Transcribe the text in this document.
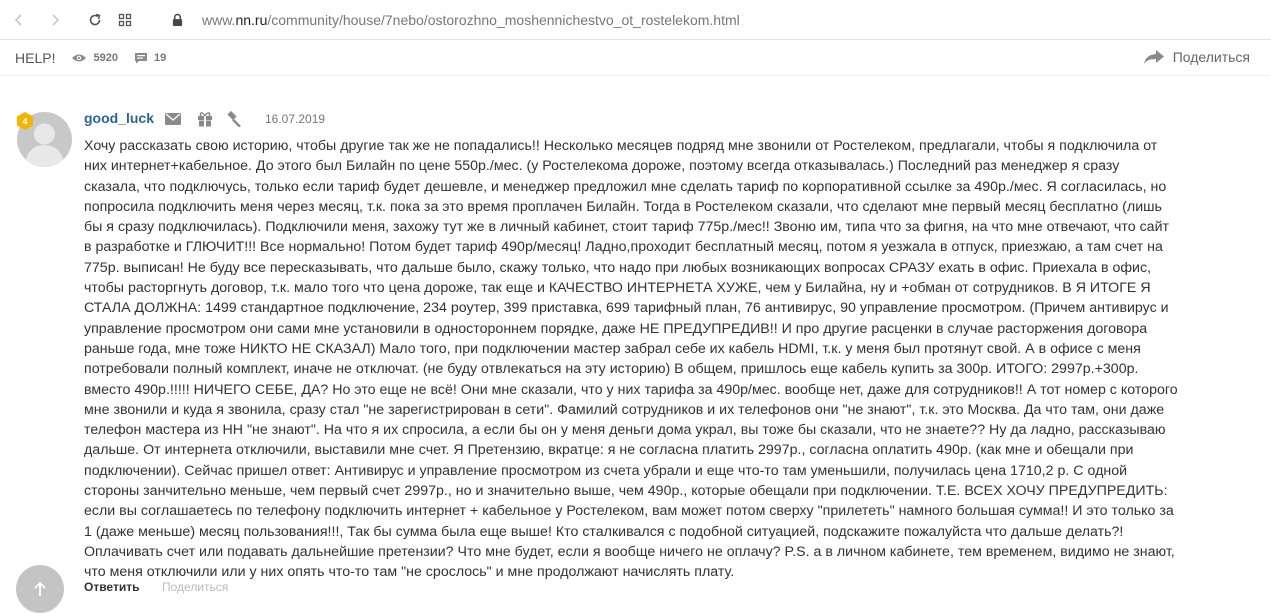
www.nn.ru/community/house/7nebo/ostorozhno_moshennichestvo_ot_rostelekom.html
HELP!	5920	19	Поделиться
4	good_luck	16.07.2019
Хочу рассказать свою историю, чтобы другие так же не попадались!! Несколько месяцев подряд мне звонили от Ростелеком, предлагали, чтобы я подключила от
них интернет+кабельное. До этого был Билайн по цене 550р./мес. (у Ростелекома дороже, поэтому всегда отказывалась.) Последний раз менеджер я сразу
сказала, что подключусь, только если тариф будет дешевле, и менеджер предложил мне сделать тариф по корпоративной ссылке за 490р./мес. Я согласилась, но
попросила подключить меня через месяц, т.к. пока за это время проплачен Билайн. Тогда в Ростелеком сказали, что сделают мне первый месяц бесплатно (лишь
бы я сразу подключилась). Подключили меня, захожу тут же в личный кабинет, стоит тариф 775р./мес!! Звоню им, типа что за фигня, на что мне отвечают, что сайт
в разработке и ГЛЮЧИТ!!! Все нормально! Потом будет тариф 490р/месяц! Ладно,проходит бесплатный месяц, потом я уезжала в отпуск, приезжаю, а там счет на
775р. выписан! Не буду все пересказывать, что дальше было, скажу только, что надо при любых возникающих вопросах СРАЗУ ехать в офис. Приехала в офис,
чтобы расторгнуть договор, т.к. мало того что цена дороже, так еще и КАЧЕСТВО ИНТЕРНЕТА ХУЖЕ, чем у Билайна, ну и +обман от сотрудников. В Я ИТОГЕ Я
СТАЛА ДОЛЖНА: 1499 стандартное подключение, 234 роутер, 399 приставка, 699 тарифный план, 76 антивирус, 90 управление просмотром. (Причем антивирус и
управление просмотром они сами мне установили в одностороннем порядке, даже НЕ ПРЕДУПРЕДИВ!! И про другие расценки в случае расторжения договора
раньше года, мне тоже НИКТО НЕ СКАЗАЛ) Мало того, при подключении мастер забрал себе их кабель HDMI, т.к. у меня был протянут свой. А в офисе с меня
потребовали полный комплект, иначе не отключат. (не буду отвлекаться на эту историю) В общем, пришлось еще кабель купить за 300р. ИТОГО: 2997р.+300р.
вместо 490р.!!!!! НИЧЕГО СЕБЕ, ДА? Но это еще не всё! Они мне сказали, что у них тарифа за 490р/мес. вообще нет, даже для сотрудников!! А тот номер с которого
мне звонили и куда я звонила, сразу стал "не зарегистрирован в сети". Фамилий сотрудников и их телефонов они "не знают", т.к. это Москва. Да что там, они даже
телефон мастера из НН "не знают". На что я их спросила, а если бы он у меня деньги дома украл, вы тоже бы сказали, что не знаете?? Ну да ладно, рассказываю
дальше. От интернета отключили, выставили мне счет. Я Претензию, вкратце: я не согласна платить 2997р., согласна оплатить 490р. (как мне и обещали при
подключении). Сейчас пришел ответ: Антивирус и управление просмотром из счета убрали и еще что-то там уменьшили, получилась цена 1710,2 р. С одной
стороны занчительно меньше, чем первый счет 2997р., но и значительно выше, чем 490р., которые обещали при подключении. Т.Е. ВСЕХ ХОЧУ ПРЕДУПРЕДИТЬ:
если вы соглашаетесь по телефону подключить интернет + кабельное у Ростелеком, вам может потом сверху "прилететь" намного большая сумма!! И это только за
1 (даже меньше) месяц пользования!!!, Так бы сумма была еще выше! Кто сталкивался с подобной ситуацией, подскажите пожалуйста что дальше делать?!
Оплачивать счет или подавать дальнейшие претензии? Что мне будет, если я вообще ничего не оплачу? P.S. а в личном кабинете, тем временем, видимо не знают,
что меня отключили или у них опять что-то там "не срослось" и мне продолжают начислять плату.
Ответить Поделиться
